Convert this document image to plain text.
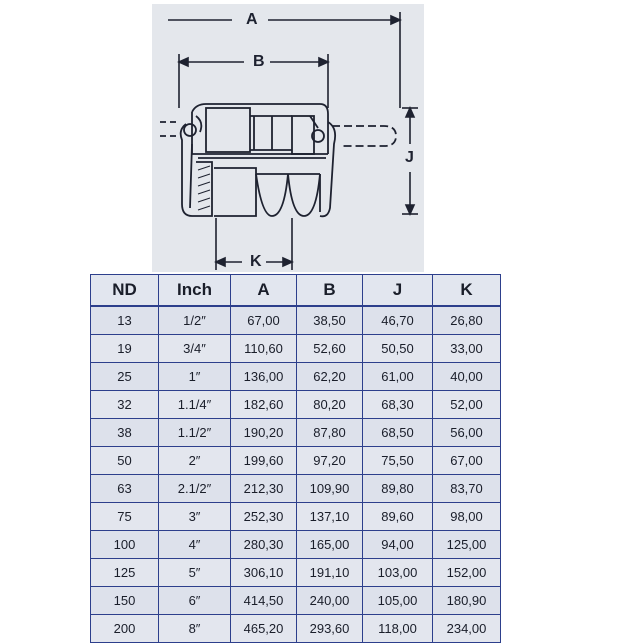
A
B
J
K
ND	Inch	A	B	J	K
13	1/2″	67,00	38,50	46,70	26,80
19	3/4″	110,60	52,60	50,50	33,00
25	1″	136,00	62,20	61,00	40,00
32	1.1/4″	182,60	80,20	68,30	52,00
38	1.1/2″	190,20	87,80	68,50	56,00
50	2″	199,60	97,20	75,50	67,00
63	2.1/2″	212,30	109,90	89,80	83,70
75	3″	252,30	137,10	89,60	98,00
100	4″	280,30	165,00	94,00	125,00
125	5″	306,10	191,10	103,00	152,00
150	6″	414,50	240,00	105,00	180,90
200	8″	465,20	293,60	118,00	234,00
